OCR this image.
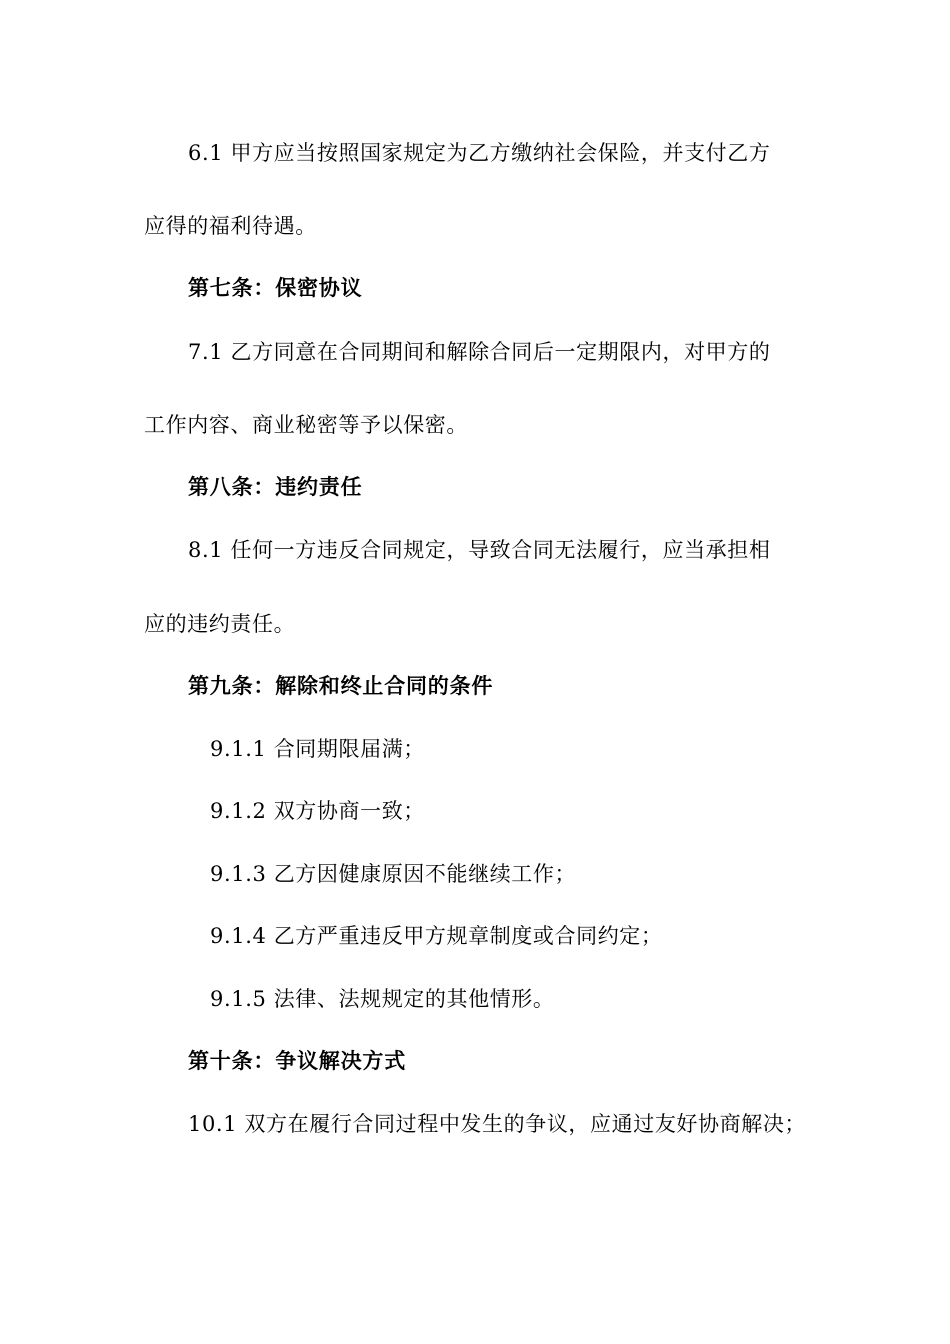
6.1 甲方应当按照国家规定为乙方缴纳社会保险，并支付乙方
应得的福利待遇。
第七条：保密协议
7.1 乙方同意在合同期间和解除合同后一定期限内，对甲方的
工作内容、商业秘密等予以保密。
第八条：违约责任
8.1 任何一方违反合同规定，导致合同无法履行，应当承担相
应的违约责任。
第九条：解除和终止合同的条件
9.1.1 合同期限届满；
9.1.2 双方协商一致；
9.1.3 乙方因健康原因不能继续工作；
9.1.4 乙方严重违反甲方规章制度或合同约定；
9.1.5 法律、法规规定的其他情形。
第十条：争议解决方式
10.1 双方在履行合同过程中发生的争议，应通过友好协商解决；
